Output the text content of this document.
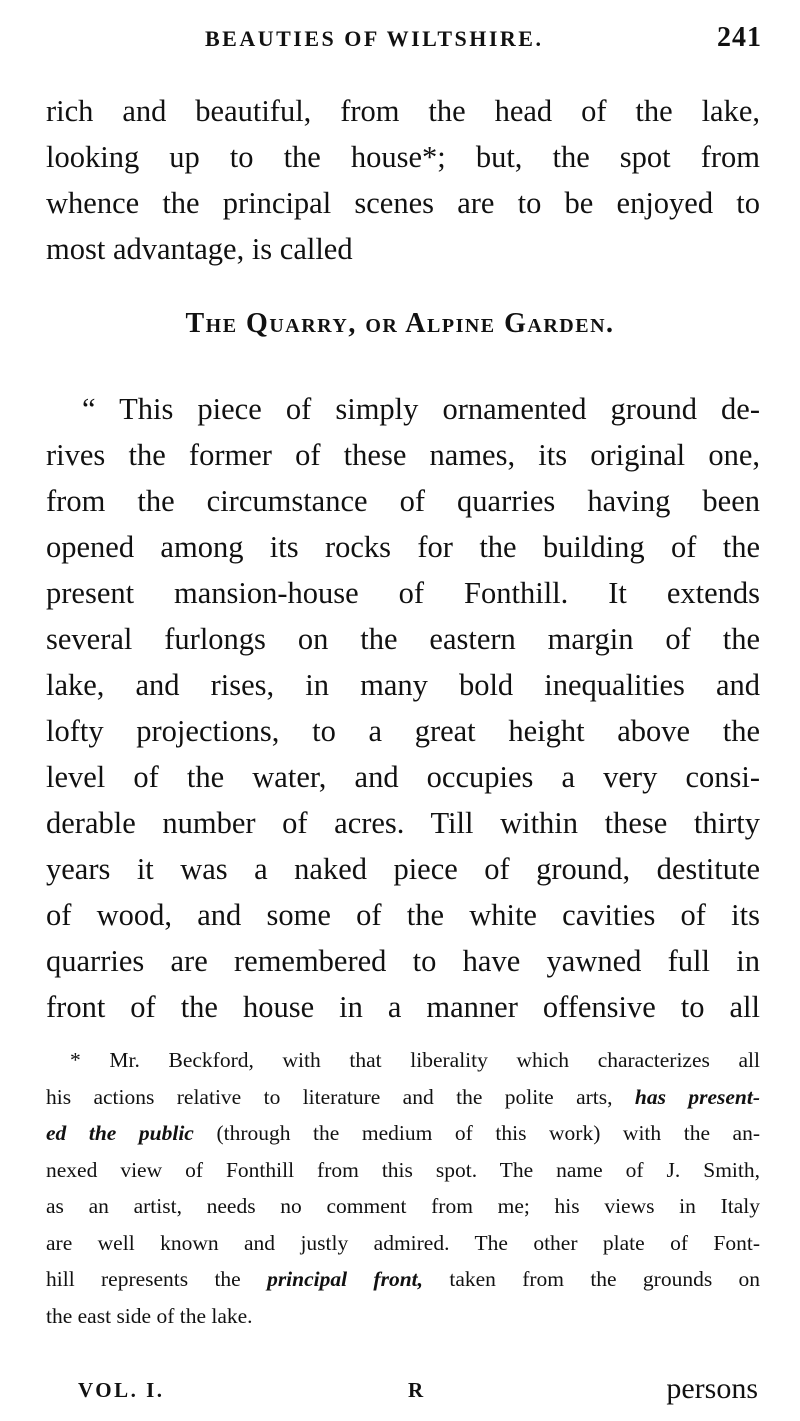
BEAUTIES OF WILTSHIRE.	241
rich and beautiful, from the head of the lake,
looking up to the house*; but, the spot from
whence the principal scenes are to be enjoyed to
most advantage, is called
The Quarry, or Alpine Garden.
“ This piece of simply ornamented ground de-
rives the former of these names, its original one,
from the circumstance of quarries having been
opened among its rocks for the building of the
present mansion-house of Fonthill. It extends
several furlongs on the eastern margin of the
lake, and rises, in many bold inequalities and
lofty projections, to a great height above the
level of the water, and occupies a very consi-
derable number of acres. Till within these thirty
years it was a naked piece of ground, destitute
of wood, and some of the white cavities of its
quarries are remembered to have yawned full in
front of the house in a manner offensive to all
* Mr. Beckford, with that liberality which characterizes all
his actions relative to literature and the polite arts, has present-
ed the public (through the medium of this work) with the an-
nexed view of Fonthill from this spot. The name of J. Smith,
as an artist, needs no comment from me; his views in Italy
are well known and justly admired. The other plate of Font-
hill represents the principal front, taken from the grounds on
the east side of the lake.
VOL. I.	R	persons
